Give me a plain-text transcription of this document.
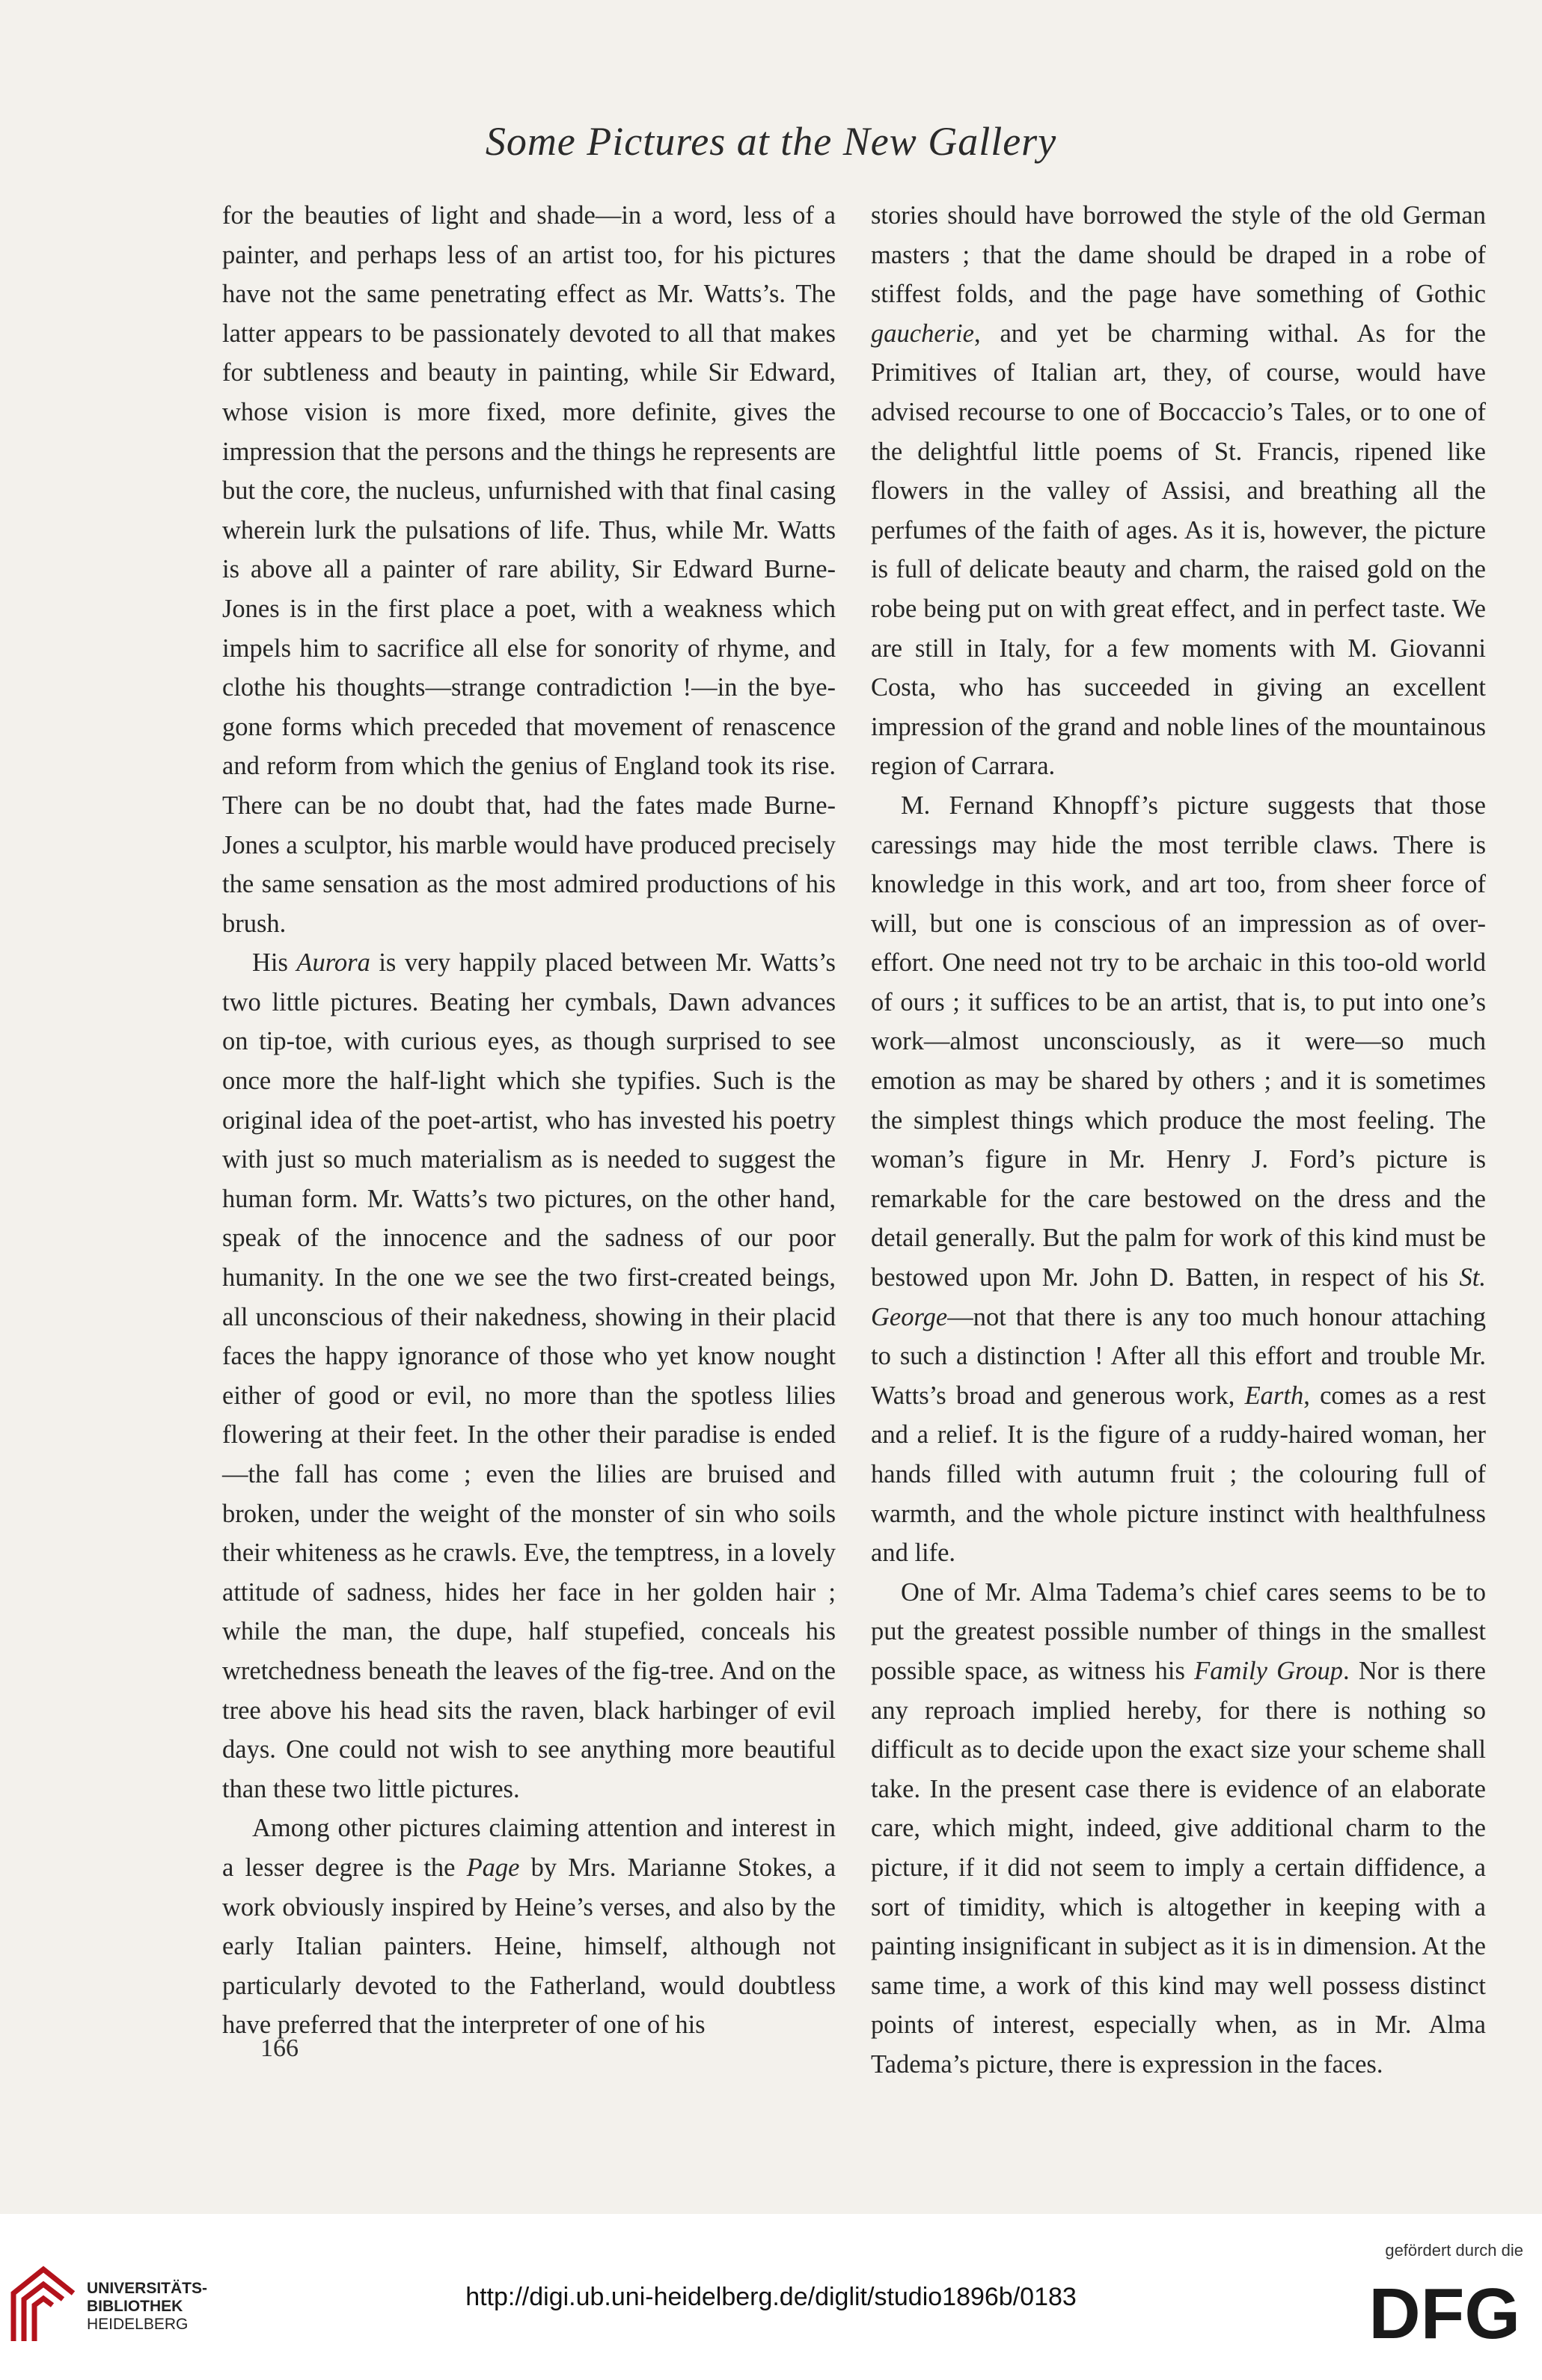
Some Pictures at the New Gallery

for the beauties of light and shade—in a word, less of a painter, and perhaps less of an artist too, for his pictures have not the same penetrating effect as Mr. Watts’s. The latter appears to be passionately devoted to all that makes for subtleness and beauty in painting, while Sir Edward, whose vision is more fixed, more definite, gives the impression that the persons and the things he represents are but the core, the nucleus, unfurnished with that final casing wherein lurk the pulsations of life. Thus, while Mr. Watts is above all a painter of rare ability, Sir Edward Burne-Jones is in the first place a poet, with a weakness which impels him to sacrifice all else for sonority of rhyme, and clothe his thoughts—strange contradiction !—in the bye-gone forms which preceded that movement of renascence and reform from which the genius of England took its rise. There can be no doubt that, had the fates made Burne-Jones a sculptor, his marble would have produced precisely the same sensation as the most admired productions of his brush.

His Aurora is very happily placed between Mr. Watts’s two little pictures. Beating her cymbals, Dawn advances on tip-toe, with curious eyes, as though surprised to see once more the half-light which she typifies. Such is the original idea of the poet-artist, who has invested his poetry with just so much materialism as is needed to suggest the human form. Mr. Watts’s two pictures, on the other hand, speak of the innocence and the sadness of our poor humanity. In the one we see the two first-created beings, all unconscious of their nakedness, showing in their placid faces the happy ignorance of those who yet know nought either of good or evil, no more than the spotless lilies flowering at their feet. In the other their paradise is ended—the fall has come ; even the lilies are bruised and broken, under the weight of the monster of sin who soils their whiteness as he crawls. Eve, the temptress, in a lovely attitude of sadness, hides her face in her golden hair ; while the man, the dupe, half stupefied, conceals his wretchedness beneath the leaves of the fig-tree. And on the tree above his head sits the raven, black harbinger of evil days. One could not wish to see anything more beautiful than these two little pictures.

Among other pictures claiming attention and interest in a lesser degree is the Page by Mrs. Marianne Stokes, a work obviously inspired by Heine’s verses, and also by the early Italian painters. Heine, himself, although not particularly devoted to the Fatherland, would doubtless have preferred that the interpreter of one of his

stories should have borrowed the style of the old German masters ; that the dame should be draped in a robe of stiffest folds, and the page have something of Gothic gaucherie, and yet be charming withal. As for the Primitives of Italian art, they, of course, would have advised recourse to one of Boccaccio’s Tales, or to one of the delightful little poems of St. Francis, ripened like flowers in the valley of Assisi, and breathing all the perfumes of the faith of ages. As it is, however, the picture is full of delicate beauty and charm, the raised gold on the robe being put on with great effect, and in perfect taste. We are still in Italy, for a few moments with M. Giovanni Costa, who has succeeded in giving an excellent impression of the grand and noble lines of the mountainous region of Carrara.

M. Fernand Khnopff’s picture suggests that those caressings may hide the most terrible claws. There is knowledge in this work, and art too, from sheer force of will, but one is conscious of an impression as of over-effort. One need not try to be archaic in this too-old world of ours ; it suffices to be an artist, that is, to put into one’s work—almost unconsciously, as it were—so much emotion as may be shared by others ; and it is sometimes the simplest things which produce the most feeling. The woman’s figure in Mr. Henry J. Ford’s picture is remarkable for the care bestowed on the dress and the detail generally. But the palm for work of this kind must be bestowed upon Mr. John D. Batten, in respect of his St. George—not that there is any too much honour attaching to such a distinction ! After all this effort and trouble Mr. Watts’s broad and generous work, Earth, comes as a rest and a relief. It is the figure of a ruddy-haired woman, her hands filled with autumn fruit ; the colouring full of warmth, and the whole picture instinct with healthfulness and life.

One of Mr. Alma Tadema’s chief cares seems to be to put the greatest possible number of things in the smallest possible space, as witness his Family Group. Nor is there any reproach implied hereby, for there is nothing so difficult as to decide upon the exact size your scheme shall take. In the present case there is evidence of an elaborate care, which might, indeed, give additional charm to the picture, if it did not seem to imply a certain diffidence, a sort of timidity, which is altogether in keeping with a painting insignificant in subject as it is in dimension. At the same time, a work of this kind may well possess distinct points of interest, especially when, as in Mr. Alma Tadema’s picture, there is expression in the faces.

166
UNIVERSITÄTS-
BIBLIOTHEK
HEIDELBERG
http://digi.ub.uni-heidelberg.de/diglit/studio1896b/0183
gefördert durch die
DFG
